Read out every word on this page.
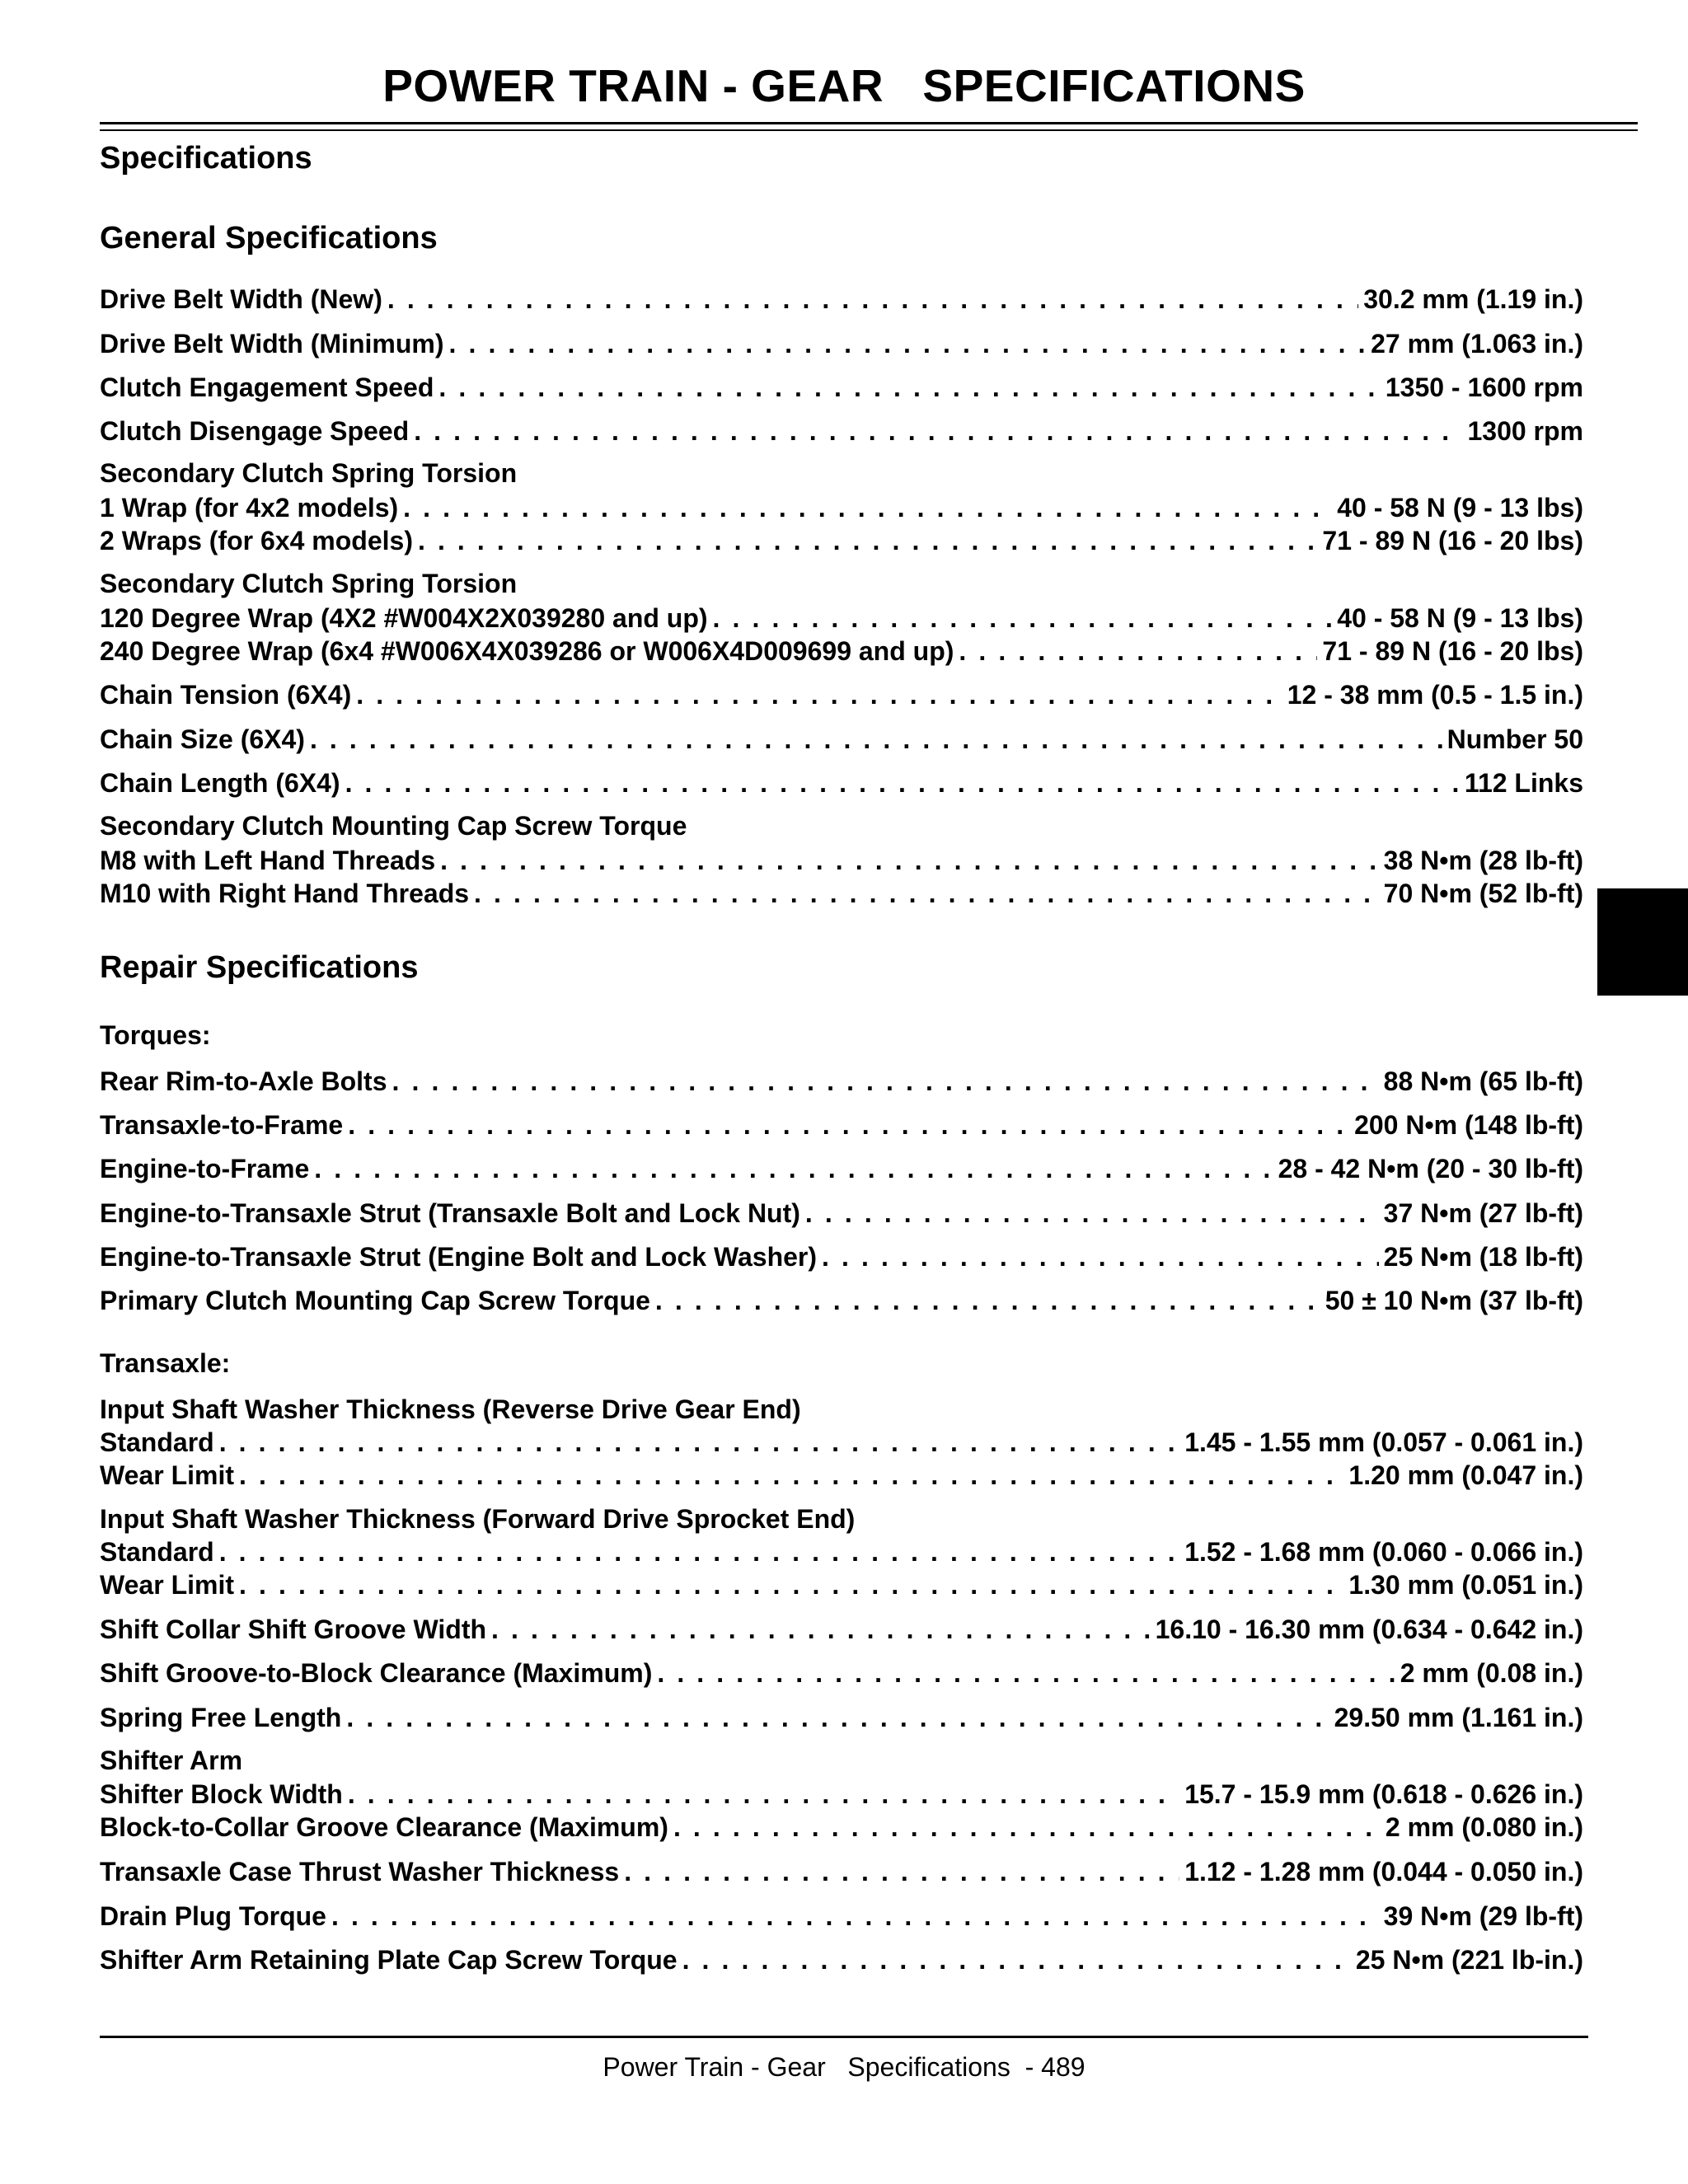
POWER TRAIN - GEAR   SPECIFICATIONS
Specifications
General Specifications
Drive Belt Width (New) . . .	30.2 mm (1.19 in.)
Drive Belt Width (Minimum) . . .	27 mm (1.063 in.)
Clutch Engagement Speed . . .	1350 - 1600 rpm
Clutch Disengage Speed . . .	1300 rpm
Secondary Clutch Spring Torsion
1 Wrap (for 4x2 models) . . .	40 - 58 N (9 - 13 lbs)
2 Wraps (for 6x4 models) . . .	71 - 89 N (16 - 20 lbs)
Secondary Clutch Spring Torsion
120 Degree Wrap (4X2 #W004X2X039280 and up) . . .	40 - 58 N (9 - 13 lbs)
240 Degree Wrap (6x4 #W006X4X039286 or W006X4D009699 and up) . . .	71 - 89 N (16 - 20 lbs)
Chain Tension (6X4) . . .	12 - 38 mm (0.5 - 1.5 in.)
Chain Size (6X4) . . .	Number 50
Chain Length (6X4) . . .	112 Links
Secondary Clutch Mounting Cap Screw Torque
M8 with Left Hand Threads . . .	38 N•m (28 lb-ft)
M10 with Right Hand Threads . . .	70 N•m (52 lb-ft)
Repair Specifications
Torques:
Rear Rim-to-Axle Bolts . . .	88 N•m (65 lb-ft)
Transaxle-to-Frame . . .	200 N•m (148 lb-ft)
Engine-to-Frame . . .	28 - 42 N•m (20 - 30 lb-ft)
Engine-to-Transaxle Strut (Transaxle Bolt and Lock Nut) . . .	37 N•m (27 lb-ft)
Engine-to-Transaxle Strut (Engine Bolt and Lock Washer) . . .	25 N•m (18 lb-ft)
Primary Clutch Mounting Cap Screw Torque . . .	50 ± 10 N•m (37 lb-ft)
Transaxle:
Input Shaft Washer Thickness (Reverse Drive Gear End)
Standard . . .	1.45 - 1.55 mm (0.057 - 0.061 in.)
Wear Limit . . .	1.20 mm (0.047 in.)
Input Shaft Washer Thickness (Forward Drive Sprocket End)
Standard . . .	1.52 - 1.68 mm (0.060 - 0.066 in.)
Wear Limit . . .	1.30 mm (0.051 in.)
Shift Collar Shift Groove Width . . .	16.10 - 16.30 mm (0.634 - 0.642 in.)
Shift Groove-to-Block Clearance (Maximum) . . .	2 mm (0.08 in.)
Spring Free Length . . .	29.50 mm (1.161 in.)
Shifter Arm
Shifter Block Width . . .	15.7 - 15.9 mm (0.618 - 0.626 in.)
Block-to-Collar Groove Clearance (Maximum) . . .	2 mm (0.080 in.)
Transaxle Case Thrust Washer Thickness . . .	1.12 - 1.28 mm (0.044 - 0.050 in.)
Drain Plug Torque . . .	39 N•m (29 lb-ft)
Shifter Arm Retaining Plate Cap Screw Torque . . .	25 N•m (221 lb-in.)
Power Train - Gear   Specifications  - 489
